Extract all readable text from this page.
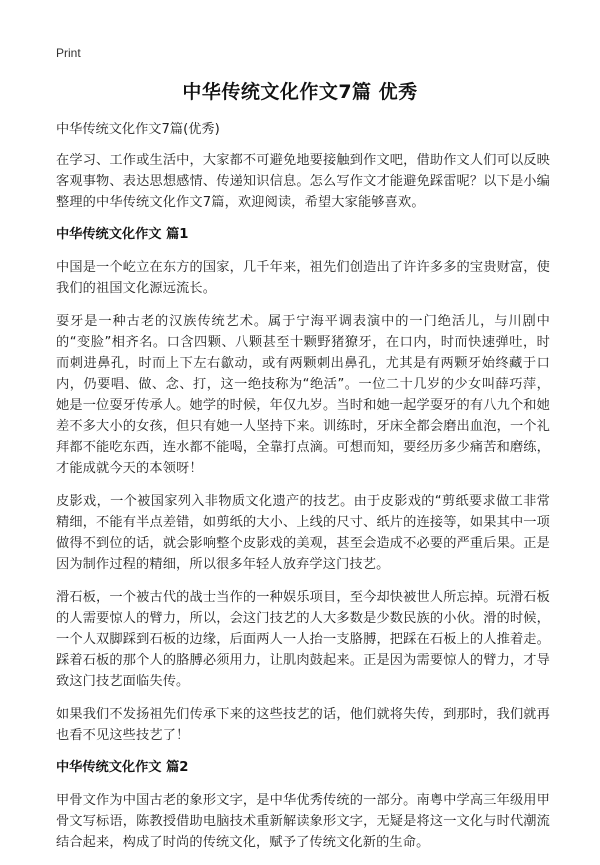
Print
中华传统文化作文7篇 优秀
中华传统文化作文7篇(优秀)

在学习、工作或生活中，大家都不可避免地要接触到作文吧，借助作文人们可以反映客观事物、表达思想感情、传递知识信息。怎么写作文才能避免踩雷呢？以下是小编整理的中华传统文化作文7篇，欢迎阅读，希望大家能够喜欢。

中华传统文化作文 篇1

中国是一个屹立在东方的国家，几千年来，祖先们创造出了许许多多的宝贵财富，使我们的祖国文化源远流长。

耍牙是一种古老的汉族传统艺术。属于宁海平调表演中的一门绝活儿，与川剧中的“变脸”相齐名。口含四颗、八颗甚至十颗野猪獠牙，在口内，时而快速弹吐，时而刺进鼻孔，时而上下左右歙动，或有两颗刺出鼻孔，尤其是有两颗牙始终藏于口内，仍要唱、做、念、打，这一绝技称为“绝活”。一位二十几岁的少女叫薛巧萍，她是一位耍牙传承人。她学的时候，年仅九岁。当时和她一起学耍牙的有八九个和她差不多大小的女孩，但只有她一人坚持下来。训练时，牙床全都会磨出血泡，一个礼拜都不能吃东西，连水都不能喝，全靠打点滴。可想而知，要经历多少痛苦和磨练，才能成就今天的本领呀！

皮影戏，一个被国家列入非物质文化遗产的技艺。由于皮影戏的“剪纸要求做工非常精细，不能有半点差错，如剪纸的大小、上线的尺寸、纸片的连接等，如果其中一项做得不到位的话，就会影响整个皮影戏的美观，甚至会造成不必要的严重后果。正是因为制作过程的精细，所以很多年轻人放弃学这门技艺。

滑石板，一个被古代的战士当作的一种娱乐项目，至今却快被世人所忘掉。玩滑石板的人需要惊人的臂力，所以，会这门技艺的人大多数是少数民族的小伙。滑的时候，一个人双脚踩到石板的边缘，后面两人一人抬一支胳膊，把踩在石板上的人推着走。踩着石板的那个人的胳膊必须用力，让肌肉鼓起来。正是因为需要惊人的臂力，才导致这门技艺面临失传。

如果我们不发扬祖先们传承下来的这些技艺的话，他们就将失传，到那时，我们就再也看不见这些技艺了！

中华传统文化作文 篇2

甲骨文作为中国古老的象形文字，是中华优秀传统的一部分。南粤中学高三年级用甲骨文写标语，陈教授借助电脑技术重新解读象形文字，无疑是将这一文化与时代潮流结合起来，构成了时尚的传统文化，赋予了传统文化新的生命。
